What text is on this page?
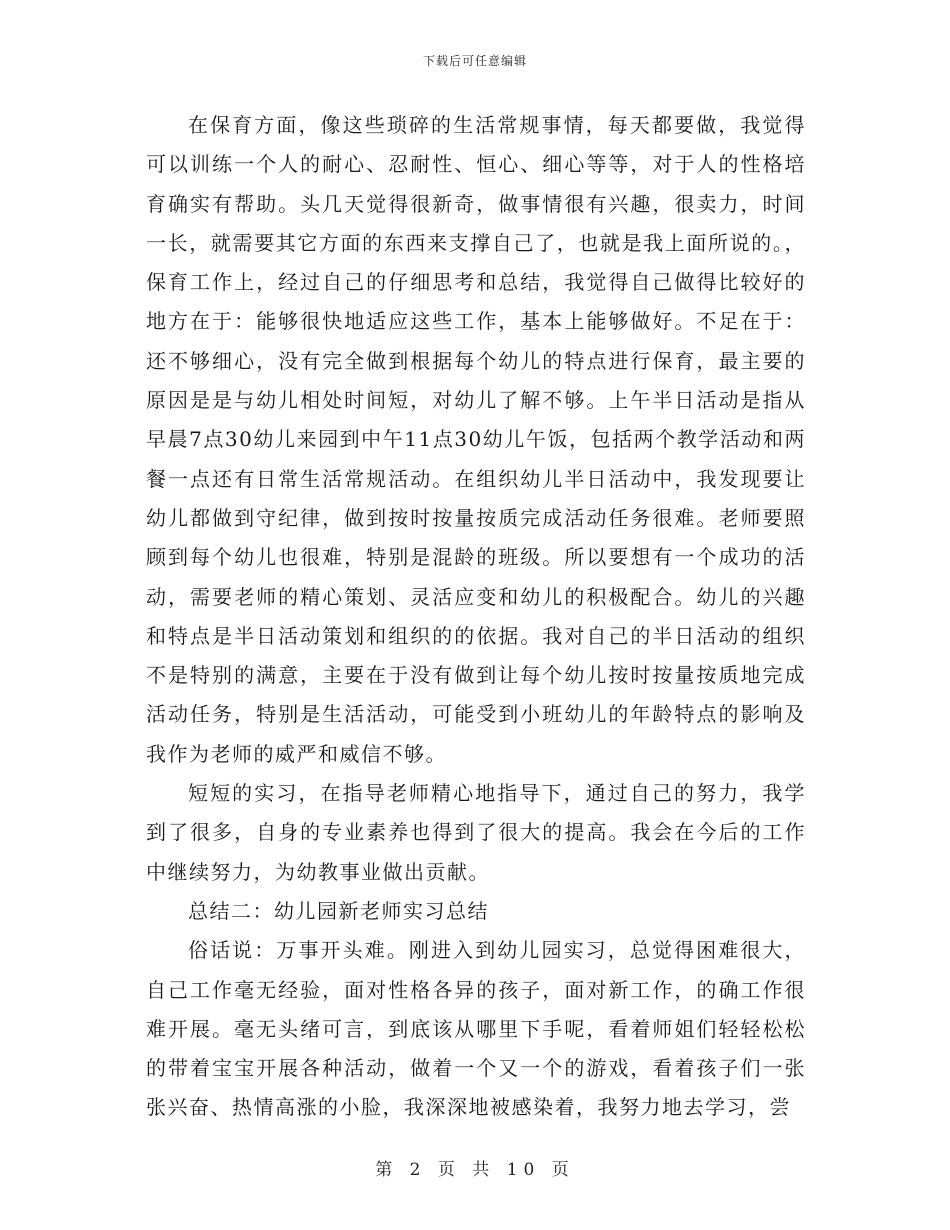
下载后可任意编辑

在保育方面，像这些琐碎的生活常规事情，每天都要做，我觉得可以训练一个人的耐心、忍耐性、恒心、细心等等，对于人的性格培育确实有帮助。头几天觉得很新奇，做事情很有兴趣，很卖力，时间一长，就需要其它方面的东西来支撑自己了，也就是我上面所说的。，保育工作上，经过自己的仔细思考和总结，我觉得自己做得比较好的地方在于：能够很快地适应这些工作，基本上能够做好。不足在于：还不够细心，没有完全做到根据每个幼儿的特点进行保育，最主要的原因是是与幼儿相处时间短，对幼儿了解不够。上午半日活动是指从早晨7点30幼儿来园到中午11点30幼儿午饭，包括两个教学活动和两餐一点还有日常生活常规活动。在组织幼儿半日活动中，我发现要让幼儿都做到守纪律，做到按时按量按质完成活动任务很难。老师要照顾到每个幼儿也很难，特别是混龄的班级。所以要想有一个成功的活动，需要老师的精心策划、灵活应变和幼儿的积极配合。幼儿的兴趣和特点是半日活动策划和组织的的依据。我对自己的半日活动的组织不是特别的满意，主要在于没有做到让每个幼儿按时按量按质地完成活动任务，特别是生活活动，可能受到小班幼儿的年龄特点的影响及我作为老师的威严和威信不够。

短短的实习，在指导老师精心地指导下，通过自己的努力，我学到了很多，自身的专业素养也得到了很大的提高。我会在今后的工作中继续努力，为幼教事业做出贡献。

总结二：幼儿园新老师实习总结

俗话说：万事开头难。刚进入到幼儿园实习，总觉得困难很大，自己工作毫无经验，面对性格各异的孩子，面对新工作，的确工作很难开展。毫无头绪可言，到底该从哪里下手呢，看着师姐们轻轻松松的带着宝宝开展各种活动，做着一个又一个的游戏，看着孩子们一张张兴奋、热情高涨的小脸，我深深地被感染着，我努力地去学习，尝

第 2 页 共 10 页
